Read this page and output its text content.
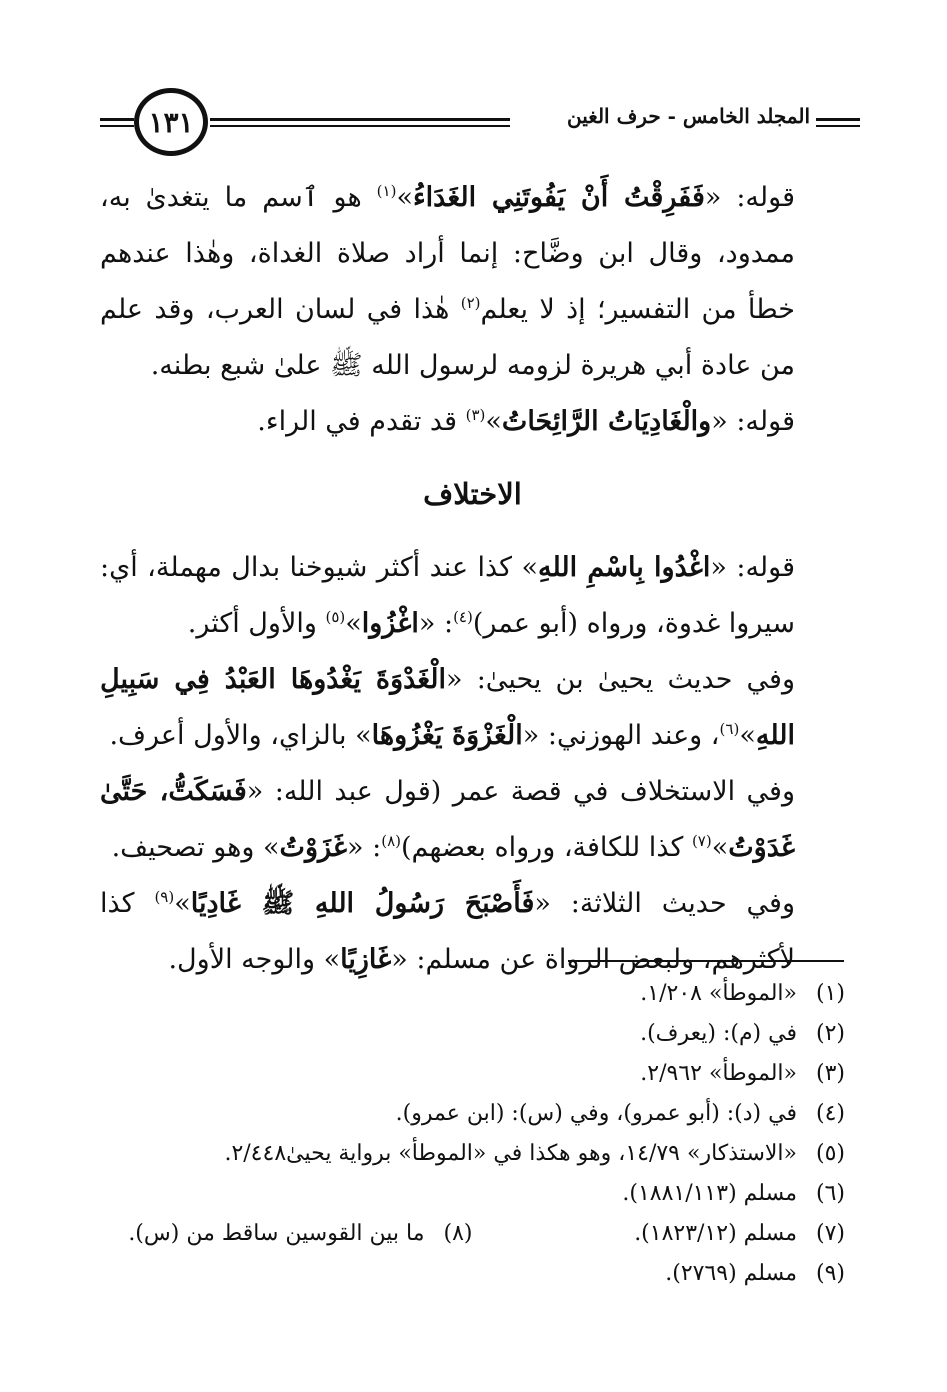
١٣١	المجلد الخامس - حرف الغين

قوله: «فَفَرِقْتُ أَنْ يَفُوتَنِي الغَدَاءُ»$^{(١)}$ هو ٱسم ما يتغدىٰ به، ممدود، وقال ابن وضَّاح: إنما أراد صلاة الغداة، وهٰذا عندهم خطأ من التفسير؛ إذ لا يعلم$^{(٢)}$ هٰذا في لسان العرب، وقد علم من عادة أبي هريرة لزومه لرسول الله ﷺ علىٰ شبع بطنه.

قوله: «والْغَادِيَاتُ الرَّائِحَاتُ»$^{(٣)}$ قد تقدم في الراء.

الاختلاف

قوله: «اغْدُوا بِاسْمِ اللهِ» كذا عند أكثر شيوخنا بدال مهملة، أي: سيروا غدوة، ورواه (أبو عمر)$^{(٤)}$: «اغْزُوا»$^{(٥)}$ والأول أكثر.

وفي حديث يحيىٰ بن يحيىٰ: «الْغَدْوَةَ يَغْدُوهَا العَبْدُ فِي سَبِيلِ اللهِ»$^{(٦)}$، وعند الهوزني: «الْغَزْوَةَ يَغْزُوهَا» بالزاي، والأول أعرف.

وفي الاستخلاف في قصة عمر (قول عبد الله: «فَسَكَتُّ، حَتَّىٰ غَدَوْتُ»$^{(٧)}$ كذا للكافة، ورواه بعضهم)$^{(٨)}$: «غَزَوْتُ» وهو تصحيف.

وفي حديث الثلاثة: «فَأَصْبَحَ رَسُولُ اللهِ ﷺ غَادِيًا»$^{(٩)}$ كذا لأكثرهم، ولبعض الرواة عن مسلم: «غَازِيًا» والوجه الأول.

(١)
«الموطأ» ١/٢٠٨.
(٢)
في (م): (يعرف).
(٣)
«الموطأ» ٢/٩٦٢.
(٤)
في (د): (أبو عمرو)، وفي (س): (ابن عمرو).
(٥)
«الاستذكار» ١٤/٧٩، وهو هكذا في «الموطأ» برواية يحيىٰ٢/٤٤٨.
(٦)
مسلم (١٨٨١/١١٣).
(٧)
مسلم (١٨٢٣/١٢).
(٨)
ما بين القوسين ساقط من (س).
(٩)
مسلم (٢٧٦٩).
